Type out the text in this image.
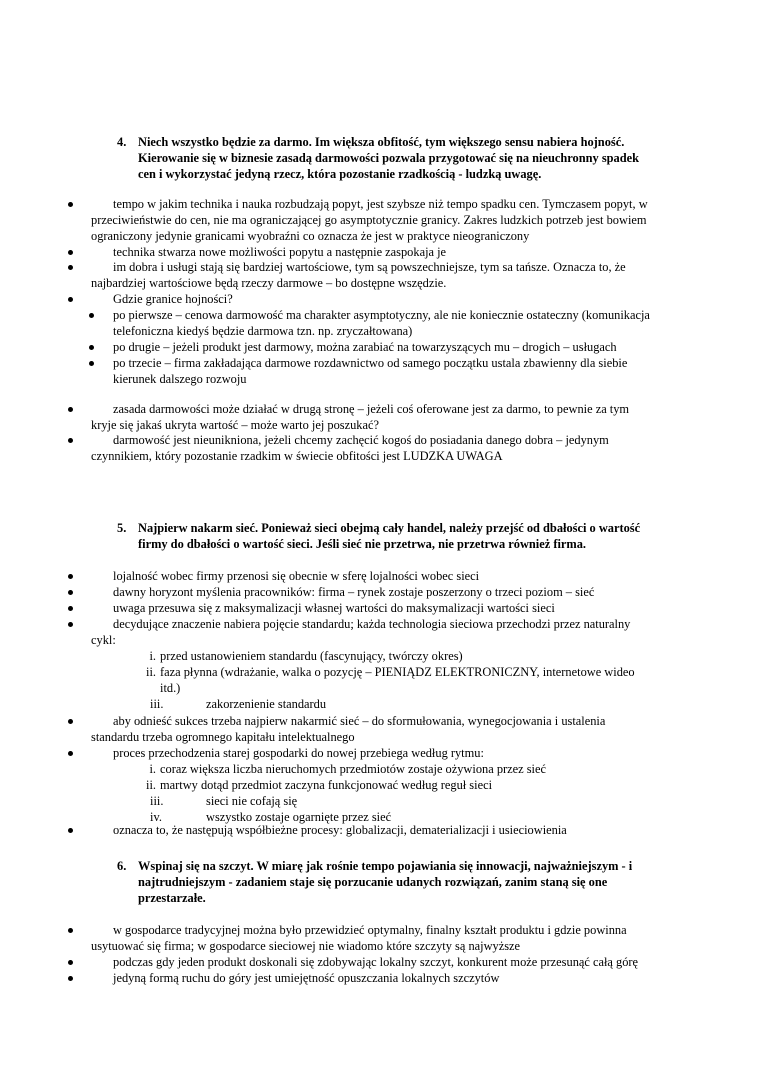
4. Niech wszystko będzie za darmo. Im większa obfitość, tym większego sensu nabiera hojność.
Kierowanie się w biznesie zasadą darmowości pozwala przygotować się na nieuchronny spadek
cen i wykorzystać jedyną rzecz, która pozostanie rzadkością - ludzką uwagę.
tempo w jakim technika i nauka rozbudzają popyt, jest szybsze niż tempo spadku cen. Tymczasem popyt, w
przeciwieństwie do cen, nie ma ograniczającej go asymptotycznie granicy. Zakres ludzkich potrzeb jest bowiem
ograniczony jedynie granicami wyobraźni co oznacza że jest w praktyce nieograniczony
technika stwarza nowe możliwości popytu a następnie zaspokaja je
im dobra i usługi stają się bardziej wartościowe, tym są powszechniejsze, tym sa tańsze. Oznacza to, że
najbardziej wartościowe będą rzeczy darmowe – bo dostępne wszędzie.
Gdzie granice hojności?
po pierwsze – cenowa darmowość ma charakter asymptotyczny, ale nie koniecznie ostateczny (komunikacja
telefoniczna kiedyś będzie darmowa tzn. np. zryczałtowana)
po drugie – jeżeli produkt jest darmowy, można zarabiać na towarzyszących mu – drogich – usługach
po trzecie – firma zakładająca darmowe rozdawnictwo od samego początku ustala zbawienny dla siebie
kierunek dalszego rozwoju
zasada darmowości może działać w drugą stronę – jeżeli coś oferowane jest za darmo, to pewnie za tym
kryje się jakaś ukryta wartość – może warto jej poszukać?
darmowość jest nieunikniona, jeżeli chcemy zachęcić kogoś do posiadania danego dobra – jedynym
czynnikiem, który pozostanie rzadkim w świecie obfitości jest LUDZKA UWAGA
5. Najpierw nakarm sieć. Ponieważ sieci obejmą cały handel, należy przejść od dbałości o wartość
firmy do dbałości o wartość sieci. Jeśli sieć nie przetrwa, nie przetrwa również firma.
lojalność wobec firmy przenosi się obecnie w sferę lojalności wobec sieci
dawny horyzont myślenia pracowników: firma – rynek zostaje poszerzony o trzeci poziom – sieć
uwaga przesuwa się z maksymalizacji własnej wartości do maksymalizacji wartości sieci
decydujące znaczenie nabiera pojęcie standardu; każda technologia sieciowa przechodzi przez naturalny
cykl:
i. przed ustanowieniem standardu (fascynujący, twórczy okres)
ii. faza płynna (wdrażanie, walka o pozycję – PIENIĄDZ ELEKTRONICZNY, internetowe wideo
itd.)
iii.	zakorzenienie standardu
aby odnieść sukces trzeba najpierw nakarmić sieć – do sformułowania, wynegocjowania i ustalenia
standardu trzeba ogromnego kapitału intelektualnego
proces przechodzenia starej gospodarki do nowej przebiega według rytmu:
i. coraz większa liczba nieruchomych przedmiotów zostaje ożywiona przez sieć
ii. martwy dotąd przedmiot zaczyna funkcjonować według reguł sieci
iii.	sieci nie cofają się
iv.	wszystko zostaje ogarnięte przez sieć
oznacza to, że następują współbieżne procesy: globalizacji, dematerializacji i usieciowienia
6. Wspinaj się na szczyt. W miarę jak rośnie tempo pojawiania się innowacji, najważniejszym - i
najtrudniejszym - zadaniem staje się porzucanie udanych rozwiązań, zanim staną się one
przestarzałe.
w gospodarce tradycyjnej można było przewidzieć optymalny, finalny kształt produktu i gdzie powinna
usytuować się firma; w gospodarce sieciowej nie wiadomo które szczyty są najwyższe
podczas gdy jeden produkt doskonali się zdobywając lokalny szczyt, konkurent może przesunąć całą górę
jedyną formą ruchu do góry jest umiejętność opuszczania lokalnych szczytów
